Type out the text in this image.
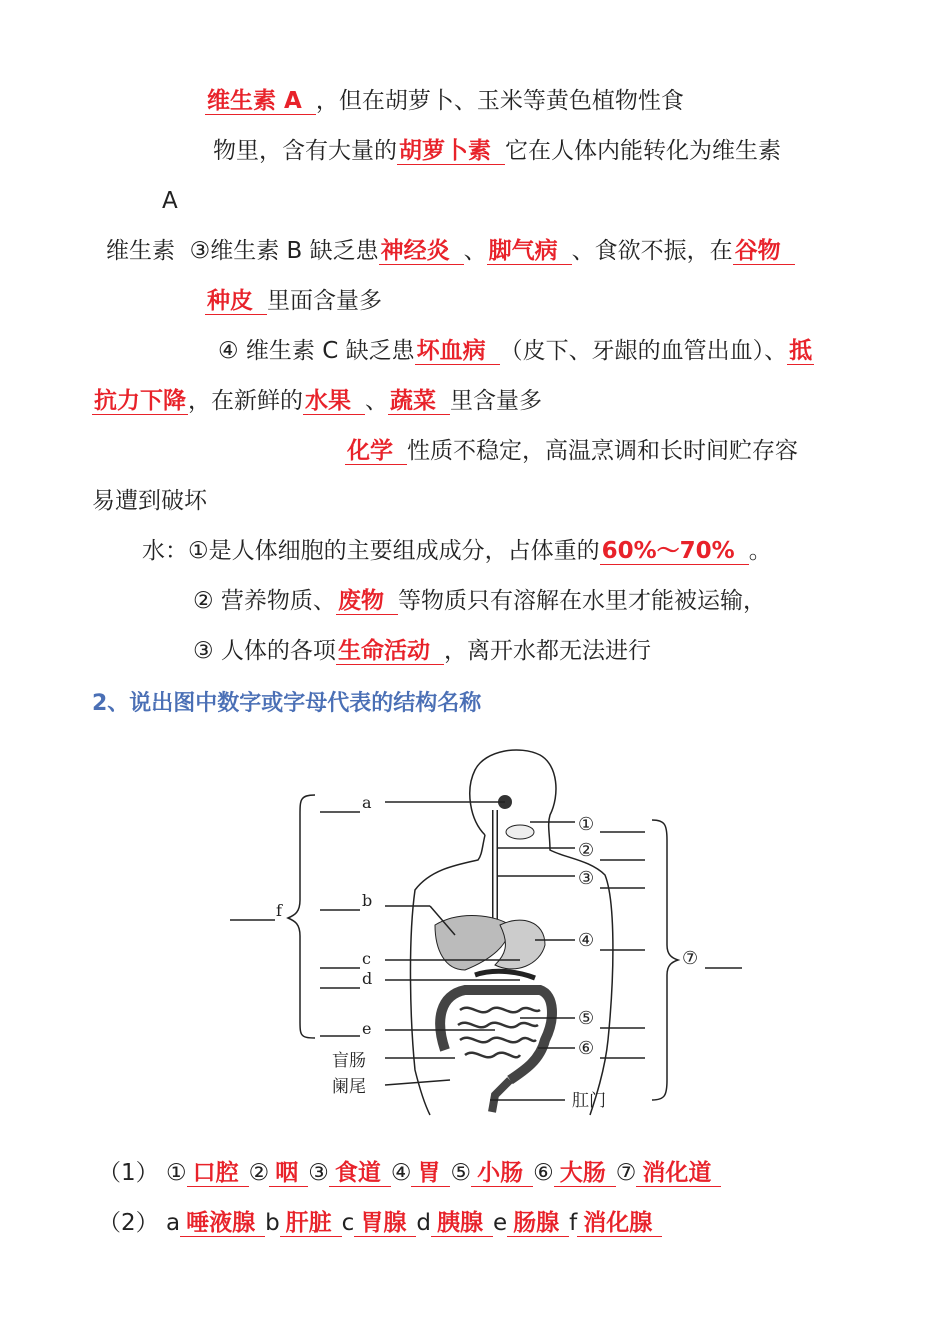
维生素 A ，但在胡萝卜、玉米等黄色植物性食
物里，含有大量的胡萝卜素 它在人体内能转化为维生素
A
维生素 ③维生素 B 缺乏患神经炎 、脚气病 、食欲不振，在谷物
种皮 里面含量多
④ 维生素 C 缺乏患坏血病 （皮下、牙龈的血管出血）、抵
抗力下降，在新鲜的水果 、蔬菜 里含量多
化学 性质不稳定，高温烹调和长时间贮存容
易遭到破坏
水：①是人体细胞的主要组成成分，占体重的60%～70% 。
② 营养物质、废物 等物质只有溶解在水里才能被运输，
③ 人体的各项生命活动 ，离开水都无法进行
2、说出图中数字或字母代表的结构名称
a
b
c
d
e
f
盲肠
阑尾
肛门
①
②
③
④
⑤
⑥
⑦
（1） ① 口腔 ② 咽 ③ 食道 ④ 胃 ⑤ 小肠 ⑥ 大肠 ⑦ 消化道
（2） a 唾液腺 b 肝脏 c 胃腺 d 胰腺 e 肠腺 f 消化腺
